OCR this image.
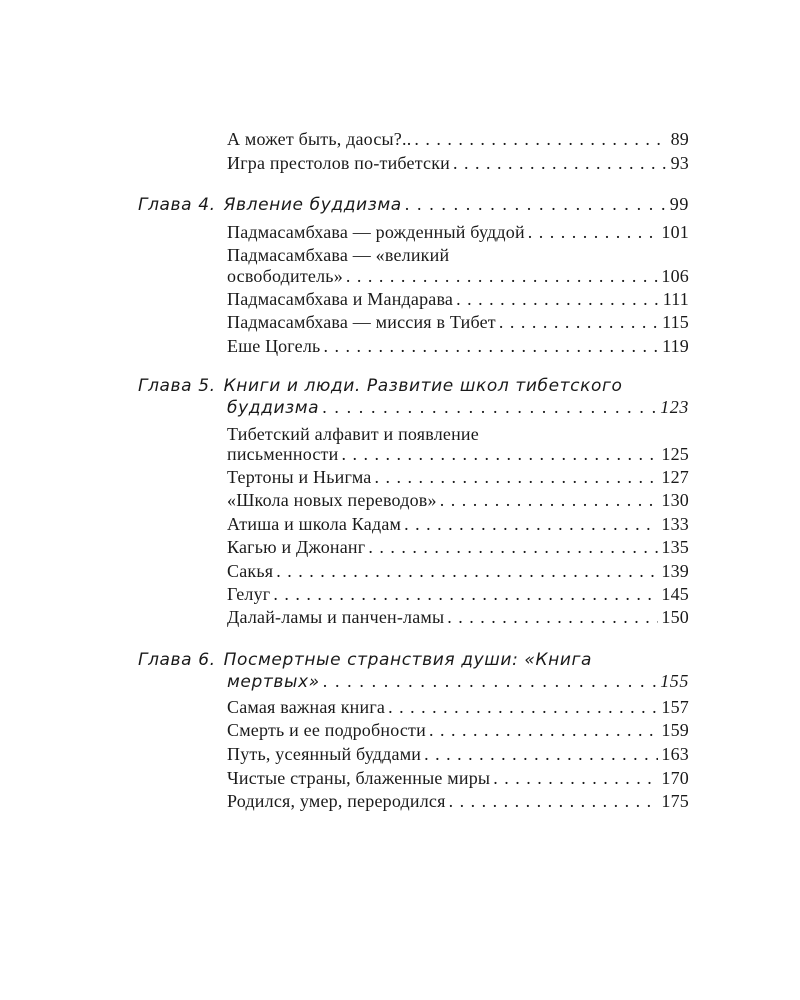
А может быть, даосы?.. . . .	89
Игра престолов по-тибетски . . .	93
Глава 4. Явление буддизма . . .	99
Падмасамбхава — рожденный буддой . . .	101
Падмасамбхава — «великий
освободитель» . . .	106
Падмасамбхава и Мандарава . . .	111
Падмасамбхава — миссия в Тибет . . .	115
Еше Цогель . . .	119
Глава 5. Книги и люди. Развитие школ тибетского
буддизма . . .	123
Тибетский алфавит и появление
письменности . . .	125
Тертоны и Ньигма . . .	127
«Школа новых переводов» . . .	130
Атиша и школа Кадам . . .	133
Кагью и Джонанг . . .	135
Сакья . . .	139
Гелуг . . .	145
Далай-ламы и панчен-ламы . . .	150
Глава 6. Посмертные странствия души: «Книга
мертвых» . . .	155
Самая важная книга . . .	157
Смерть и ее подробности . . .	159
Путь, усеянный буддами . . .	163
Чистые страны, блаженные миры . . .	170
Родился, умер, переродился . . .	175
